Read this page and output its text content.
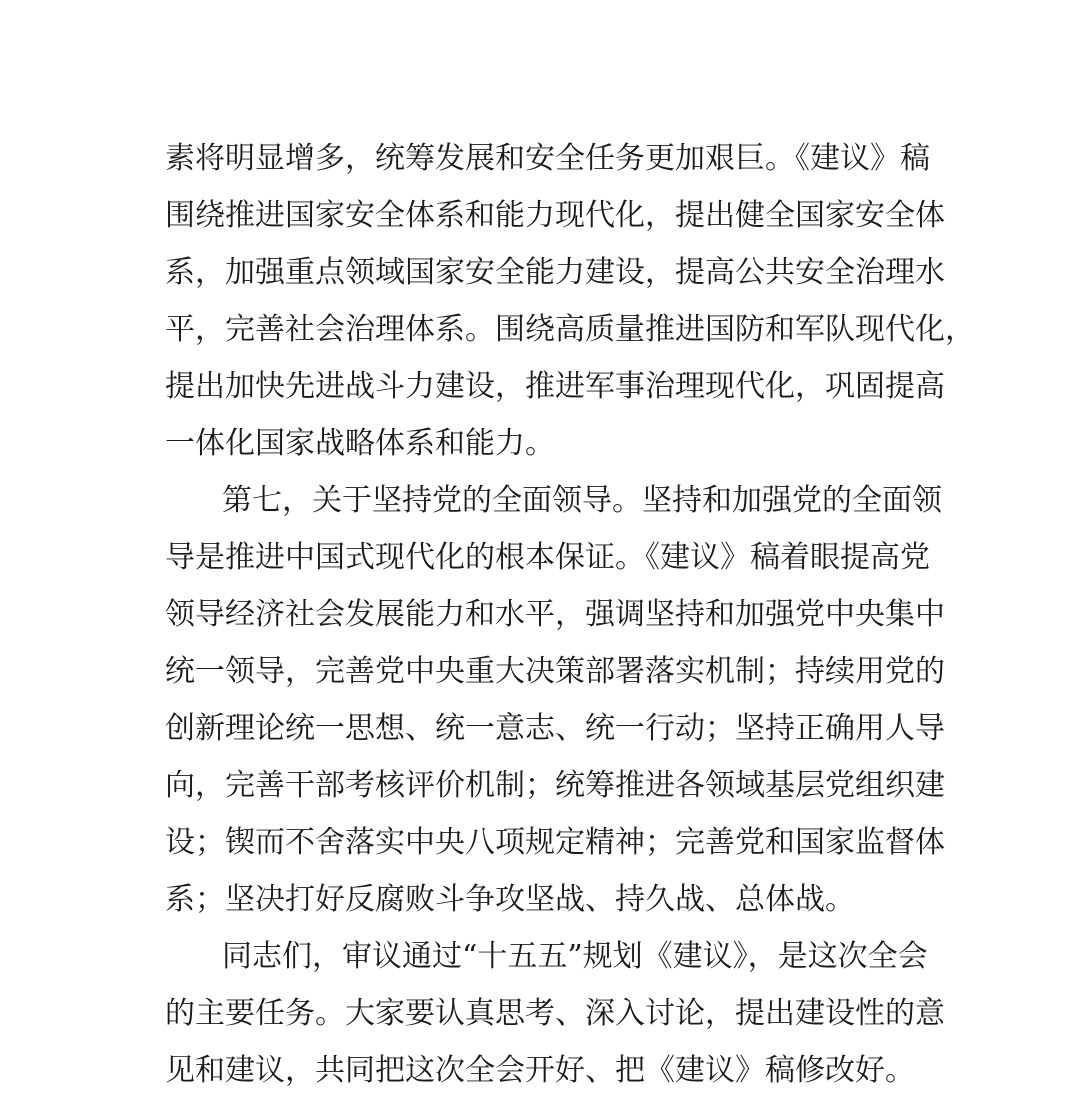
素将明显增多，统筹发展和安全任务更加艰巨。《建议》稿
围绕推进国家安全体系和能力现代化，提出健全国家安全体
系，加强重点领域国家安全能力建设，提高公共安全治理水
平，完善社会治理体系。围绕高质量推进国防和军队现代化，
提出加快先进战斗力建设，推进军事治理现代化，巩固提高
一体化国家战略体系和能力。
第七，关于坚持党的全面领导。坚持和加强党的全面领
导是推进中国式现代化的根本保证。《建议》稿着眼提高党
领导经济社会发展能力和水平，强调坚持和加强党中央集中
统一领导，完善党中央重大决策部署落实机制；持续用党的
创新理论统一思想、统一意志、统一行动；坚持正确用人导
向，完善干部考核评价机制；统筹推进各领域基层党组织建
设；锲而不舍落实中央八项规定精神；完善党和国家监督体
系；坚决打好反腐败斗争攻坚战、持久战、总体战。
同志们，审议通过“十五五”规划《建议》，是这次全会
的主要任务。大家要认真思考、深入讨论，提出建设性的意
见和建议，共同把这次全会开好、把《建议》稿修改好。
